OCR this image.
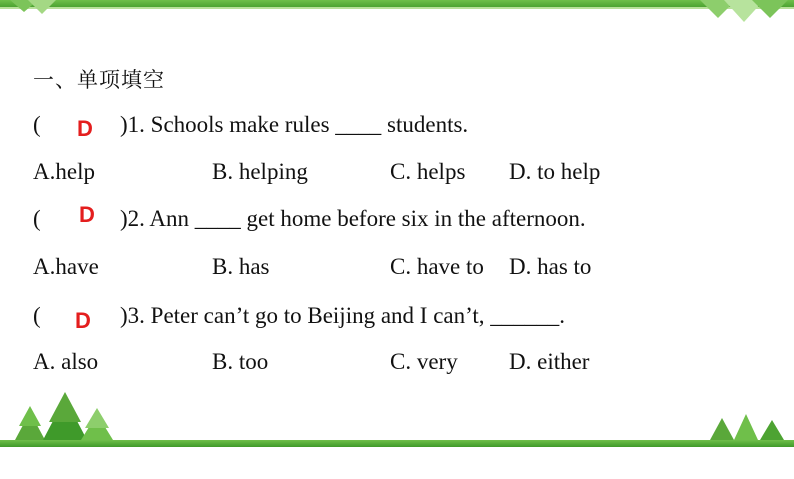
一、单项填空

(

D

)1. Schools make rules ____ students.

A.help

	B. helping

	C. helps

D. to help

(

D

)2. Ann ____ get home before six in the afternoon.

A.have

	B. has

	C. have to

D. has to

(

D

)3. Peter can’t go to Beijing and I can’t, ______.

A. also

	B. too

	C. very

D. either
